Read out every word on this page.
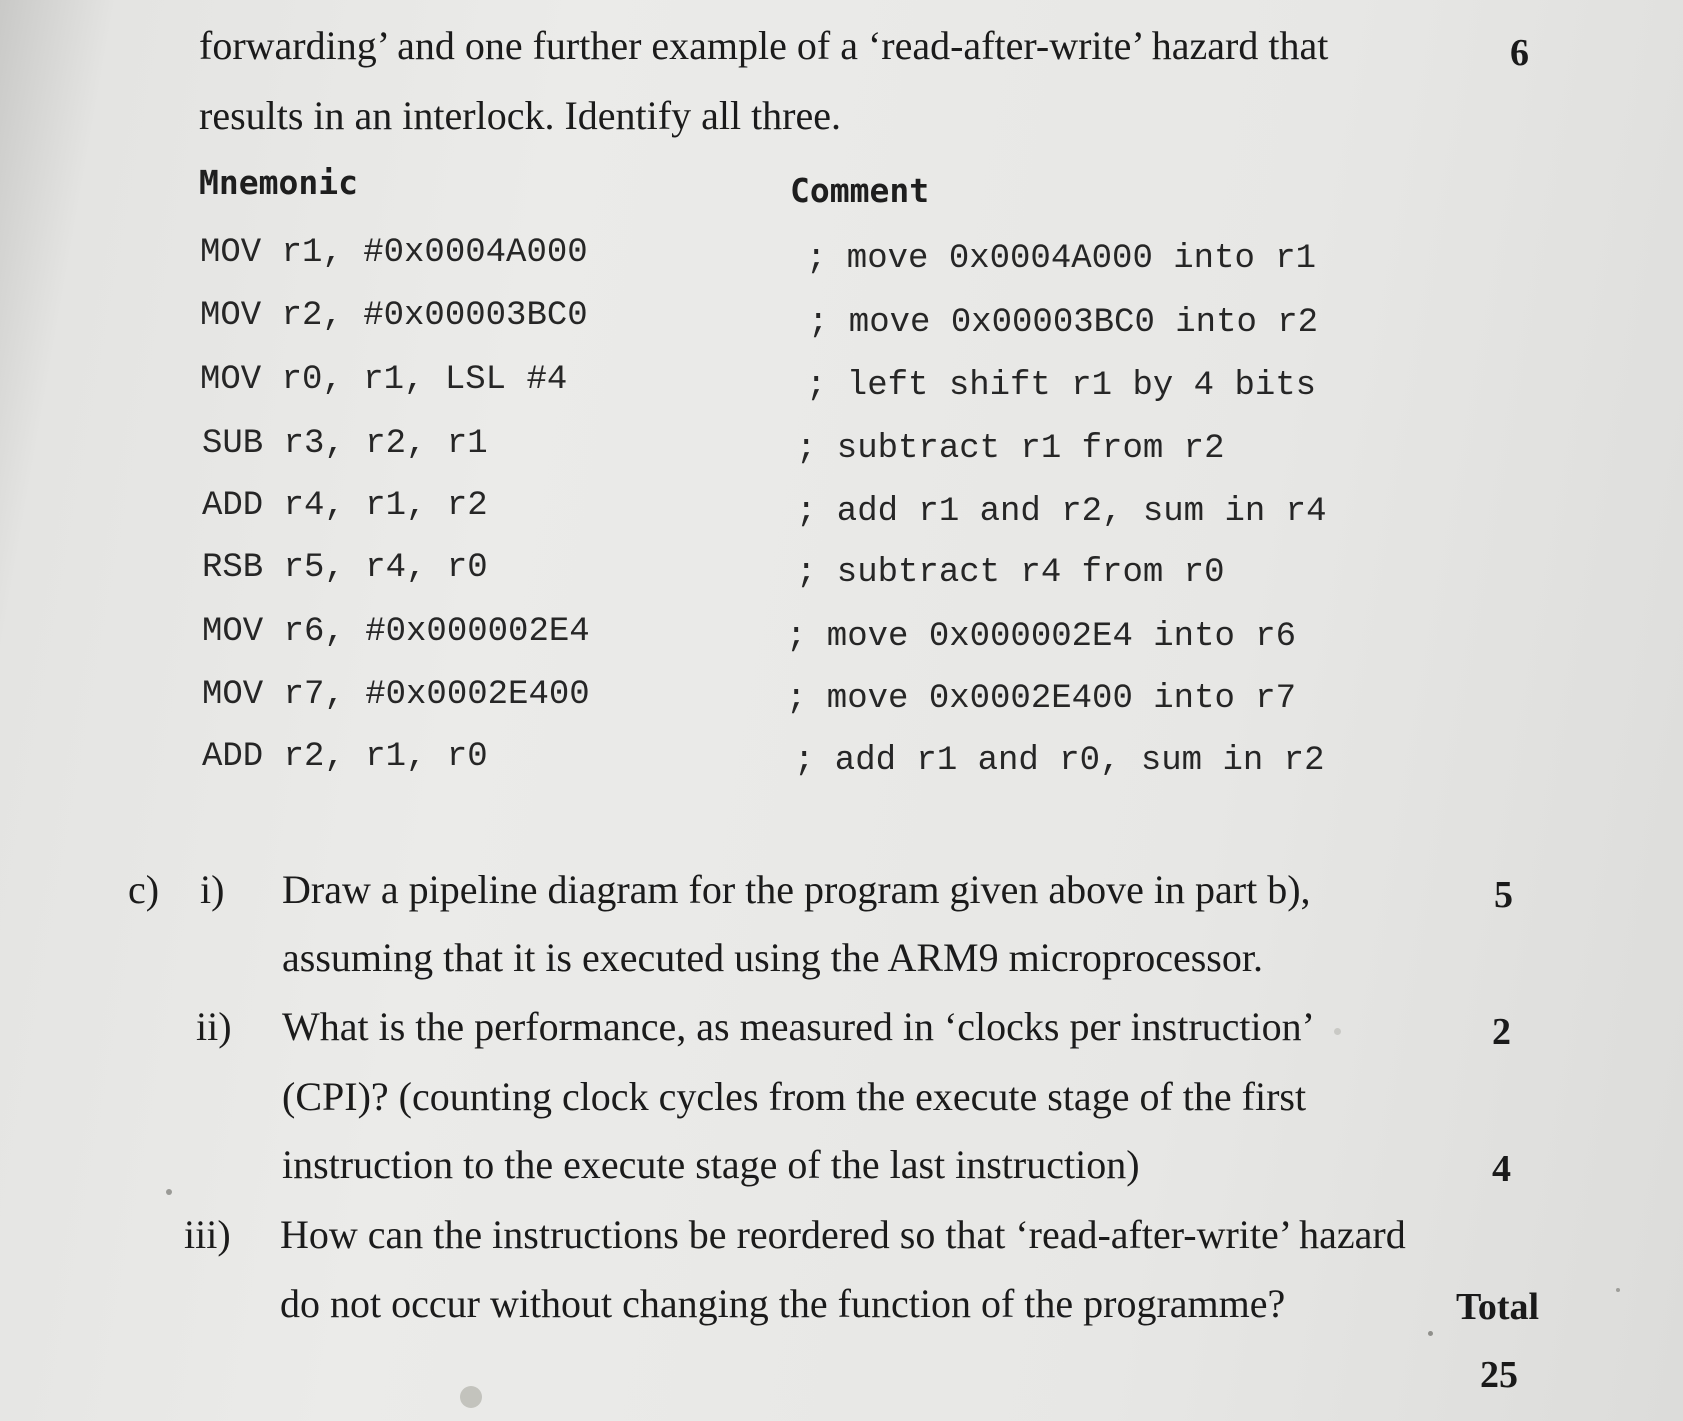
forwarding’ and one further example of a ‘read-after-write’ hazard that
results in an interlock. Identify all three.
6
Mnemonic	Comment
MOV r1, #0x0004A000	; move 0x0004A000 into r1
MOV r2, #0x00003BC0	; move 0x00003BC0 into r2
MOV r0, r1, LSL #4	; left shift r1 by 4 bits
SUB r3, r2, r1	; subtract r1 from r2
ADD r4, r1, r2	; add r1 and r2, sum in r4
RSB r5, r4, r0	; subtract r4 from r0
MOV r6, #0x000002E4	; move 0x000002E4 into r6
MOV r7, #0x0002E400	; move 0x0002E400 into r7
ADD r2, r1, r0	; add r1 and r0, sum in r2
c) i) Draw a pipeline diagram for the program given above in part b),
assuming that it is executed using the ARM9 microprocessor.
5
ii) What is the performance, as measured in ‘clocks per instruction’
(CPI)? (counting clock cycles from the execute stage of the first
instruction to the execute stage of the last instruction)
2
iii) How can the instructions be reordered so that ‘read-after-write’ hazard
do not occur without changing the function of the programme?
4
Total
25
